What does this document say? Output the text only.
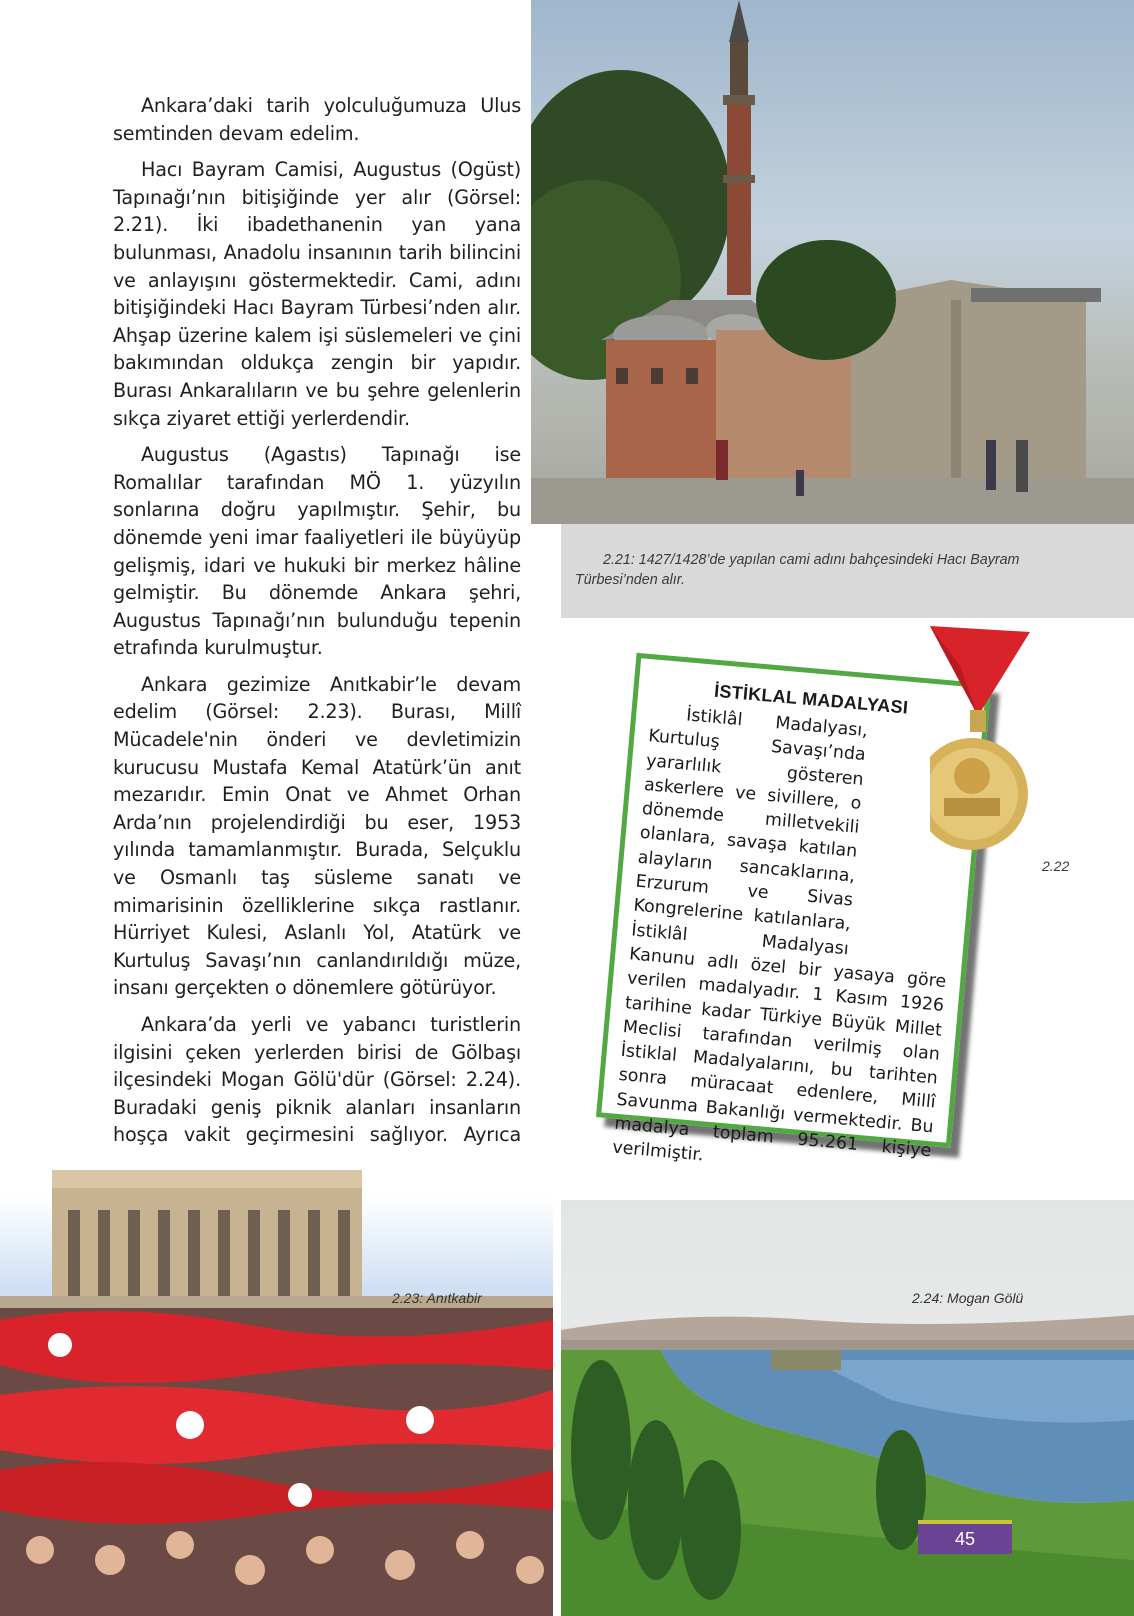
Ankara’daki tarih yolculuğumuza Ulus semtinden devam edelim.

Hacı Bayram Camisi, Augustus (Ogüst) Tapınağı’nın bitişiğinde yer alır (Görsel: 2.21). İki ibadethanenin yan yana bulunması, Anadolu insanının tarih bilincini ve anlayışını göstermektedir. Cami, adını bitişiğindeki Hacı Bayram Türbesi’nden alır. Ahşap üzerine kalem işi süslemeleri ve çini bakımından oldukça zengin bir yapıdır. Burası Ankaralıların ve bu şehre gelenlerin sıkça ziyaret ettiği yerlerdendir.

Augustus (Agastıs) Tapınağı ise Romalılar tarafından MÖ 1. yüzyılın sonlarına doğru yapılmıştır. Şehir, bu dönemde yeni imar faaliyetleri ile büyüyüp gelişmiş, idari ve hukuki bir merkez hâline gelmiştir. Bu dönemde Ankara şehri, Augustus Tapınağı’nın bulunduğu tepenin etrafında kurulmuştur.

Ankara gezimize Anıtkabir’le devam edelim (Görsel: 2.23). Burası, Millî Mücadele'nin önderi ve devletimizin kurucusu Mustafa Kemal Atatürk’ün anıt mezarıdır. Emin Onat ve Ahmet Orhan Arda’nın projelendirdiği bu eser, 1953 yılında tamamlanmıştır. Burada, Selçuklu ve Osmanlı taş süsleme sanatı ve mimarisinin özelliklerine sıkça rastlanır. Hürriyet Kulesi, Aslanlı Yol, Atatürk ve Kurtuluş Savaşı’nın canlandırıldığı müze, insanı gerçekten o dönemlere götürüyor.

Ankara’da yerli ve yabancı turistlerin ilgisini çeken yerlerden birisi de Gölbaşı ilçesindeki Mogan Gölü'dür (Görsel: 2.24). Buradaki geniş piknik alanları insanların hoşça vakit geçirmesini sağlıyor. Ayrıca

2.21: 1427/1428’de yapılan cami adını bahçesindeki Hacı Bayram Türbesi’nden alır.
İSTİKLAL MADALYASI
İstiklâl Madalyası, Kurtuluş Savaşı’nda yararlılık gösteren askerlere ve sivillere, o dönemde milletvekili olanlara, savaşa katılan alayların sancaklarına, Erzurum ve Sivas Kongrelerine katılanlara, İstiklâl Madalyası Kanunu adlı özel bir yasaya göre verilen madalyadır. 1 Kasım 1926 tarihine kadar Türkiye Büyük Millet Meclisi tarafından verilmiş olan İstiklal Madalyalarını, bu tarihten sonra müracaat edenlere, Millî Savunma Bakanlığı vermektedir. Bu madalya toplam 95.261 kişiye verilmiştir.
2.22
2.23: Anıtkabir	2.24: Mogan Gölü
45
